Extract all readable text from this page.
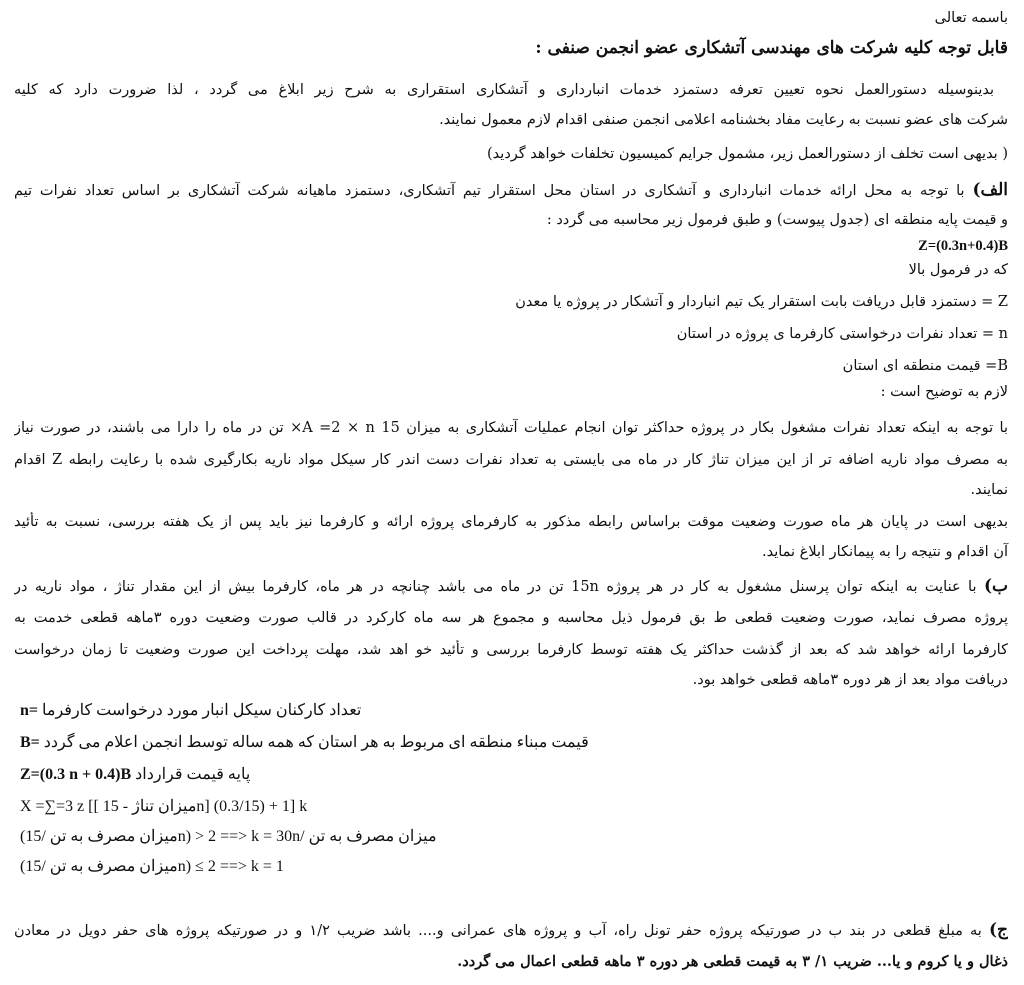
باسمه تعالی
قابل توجه کلیه شرکت های مهندسی آتشکاری عضو انجمن صنفی :
بدینوسیله دستورالعمل نحوه تعیین تعرفه دستمزد خدمات انبارداری و آتشکاری استقراری به شرح زیر ابلاغ می گردد ، لذا ضرورت دارد که کلیه
شرکت های عضو نسبت به رعایت مفاد بخشنامه اعلامی انجمن صنفی اقدام لازم معمول نمایند.
( بدیهی است تخلف از دستورالعمل زیر، مشمول جرایم کمیسیون تخلفات خواهد گردید)
الف) با توجه به محل ارائه خدمات انبارداری و آتشکاری در استان محل استقرار تیم آتشکاری، دستمزد ماهیانه شرکت آتشکاری بر اساس تعداد نفرات تیم
و قیمت پایه منطقه ای (جدول پیوست) و طبق فرمول زیر محاسبه می گردد :
Z=(0.3n+0.4)B
که در فرمول بالا
Z = دستمزد قابل دریافت بابت استقرار یک تیم انباردار و آتشکار در پروژه یا معدن
n = تعداد نفرات درخواستی کارفرما ی پروژه در استان
B= قیمت منطقه ای استان
لازم به توضیح است :
با توجه به اینکه تعداد نفرات مشغول بکار در پروژه حداکثر توان انجام عملیات آتشکاری به میزان 15 A =2 × n× تن در ماه را دارا می باشند، در صورت نیاز
به مصرف مواد ناریه اضافه تر از این میزان تناژ کار در ماه می بایستی به تعداد نفرات دست اندر کار سیکل مواد ناریه بکارگیری شده با رعایت رابطه Z اقدام
نمایند.
بدیهی است در پایان هر ماه صورت وضعیت موقت براساس رابطه مذکور به کارفرمای پروژه ارائه و کارفرما نیز باید پس از یک هفته بررسی، نسبت به تأئید
آن اقدام و نتیجه را به پیمانکار ابلاغ نماید.
ب) با عنایت به اینکه توان پرسنل مشغول به کار در هر پروژه 15n تن در ماه می باشد چنانچه در هر ماه، کارفرما بیش از این مقدار تناژ ، مواد ناریه در
پروژه مصرف نماید، صورت وضعیت قطعی ط بق فرمول ذیل محاسبه و مجموع هر سه ماه کارکرد در قالب صورت وضعیت دوره ۳ماهه قطعی خدمت به
کارفرما ارائه خواهد شد که بعد از گذشت حداکثر یک هفته توسط کارفرما بررسی و تأئید خو اهد شد، مهلت پرداخت این صورت وضعیت تا زمان درخواست
دریافت مواد بعد از هر دوره ۳ماهه قطعی خواهد بود.
n= تعداد کارکنان سیکل انبار مورد درخواست کارفرما
B= قیمت مبناء منطقه ای مربوط به هر استان که همه ساله توسط انجمن اعلام می گردد
Z=(0.3 n + 0.4)B پایه قیمت قرارداد
X =∑=3 z [[ میزان تناژ - 15n] (0.3/15) + 1] k
(میزان مصرف به تن /15n) > 2 ==> k = 30n/ میزان مصرف به تن
(میزان مصرف به تن /15n) ≤ 2 ==> k = 1
ج) به مبلغ قطعی در بند ب در صورتیکه پروژه حفر تونل راه، آب و پروژه های عمرانی و.... باشد ضریب ۱/۲ و در صورتیکه پروژه های حفر دویل در معادن
ذغال و یا کروم و یا... ضریب ۱/ ۳ به قیمت قطعی هر دوره ۳ ماهه قطعی اعمال می گردد.
